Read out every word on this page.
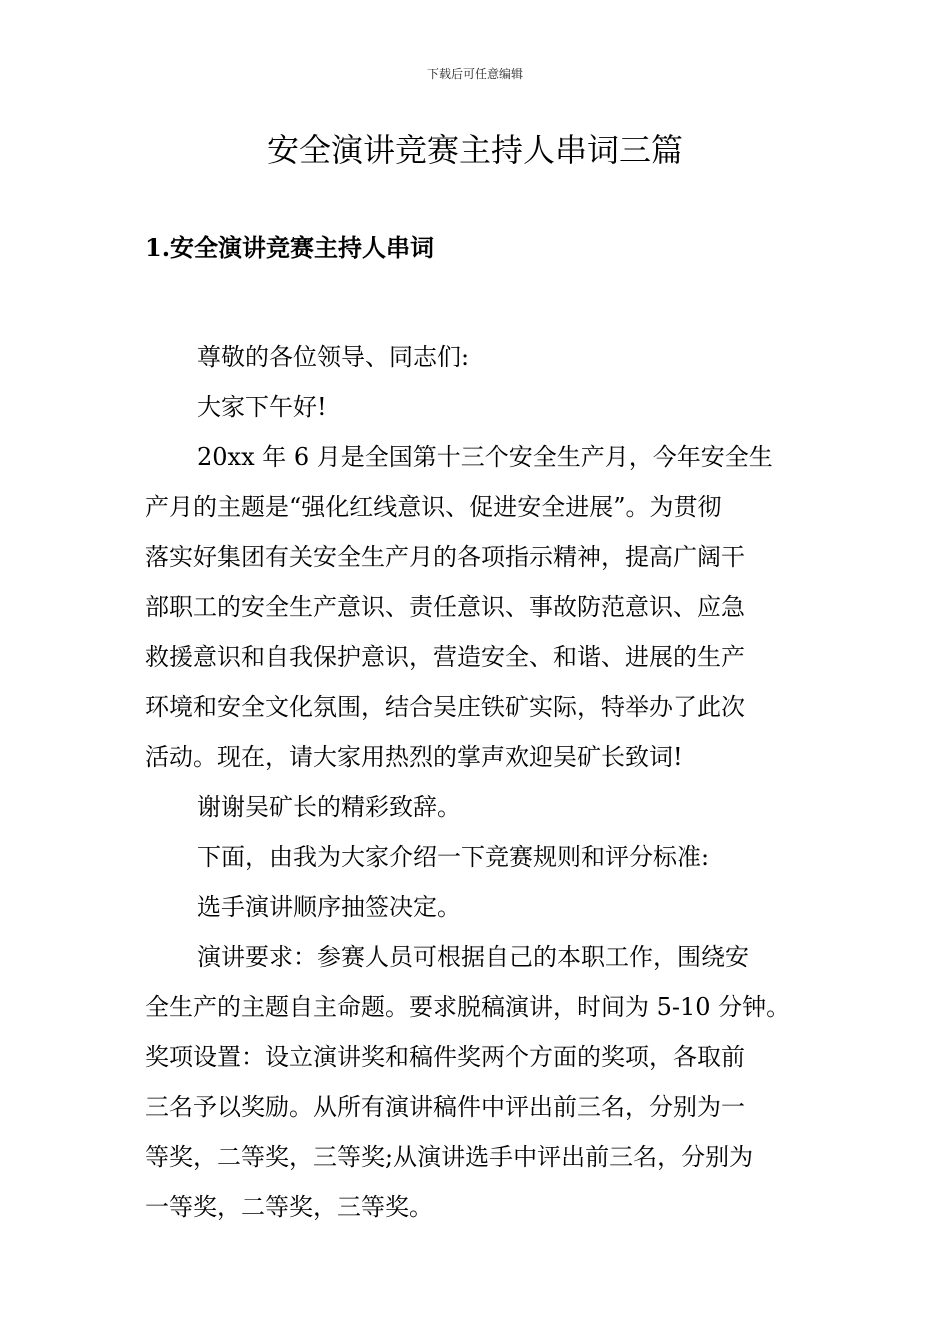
下载后可任意编辑
安全演讲竞赛主持人串词三篇
1.安全演讲竞赛主持人串词

尊敬的各位领导、同志们:

大家下午好!

20xx 年 6 月是全国第十三个安全生产月，今年安全生
产月的主题是“强化红线意识、促进安全进展”。为贯彻
落实好集团有关安全生产月的各项指示精神，提高广阔干
部职工的安全生产意识、责任意识、事故防范意识、应急
救援意识和自我保护意识，营造安全、和谐、进展的生产
环境和安全文化氛围，结合吴庄铁矿实际，特举办了此次
活动。现在，请大家用热烈的掌声欢迎吴矿长致词!

谢谢吴矿长的精彩致辞。

下面，由我为大家介绍一下竞赛规则和评分标准:

选手演讲顺序抽签决定。

演讲要求：参赛人员可根据自己的本职工作，围绕安
全生产的主题自主命题。要求脱稿演讲，时间为 5-10 分钟。
奖项设置：设立演讲奖和稿件奖两个方面的奖项，各取前
三名予以奖励。从所有演讲稿件中评出前三名，分别为一
等奖，二等奖，三等奖;从演讲选手中评出前三名，分别为
一等奖，二等奖，三等奖。
